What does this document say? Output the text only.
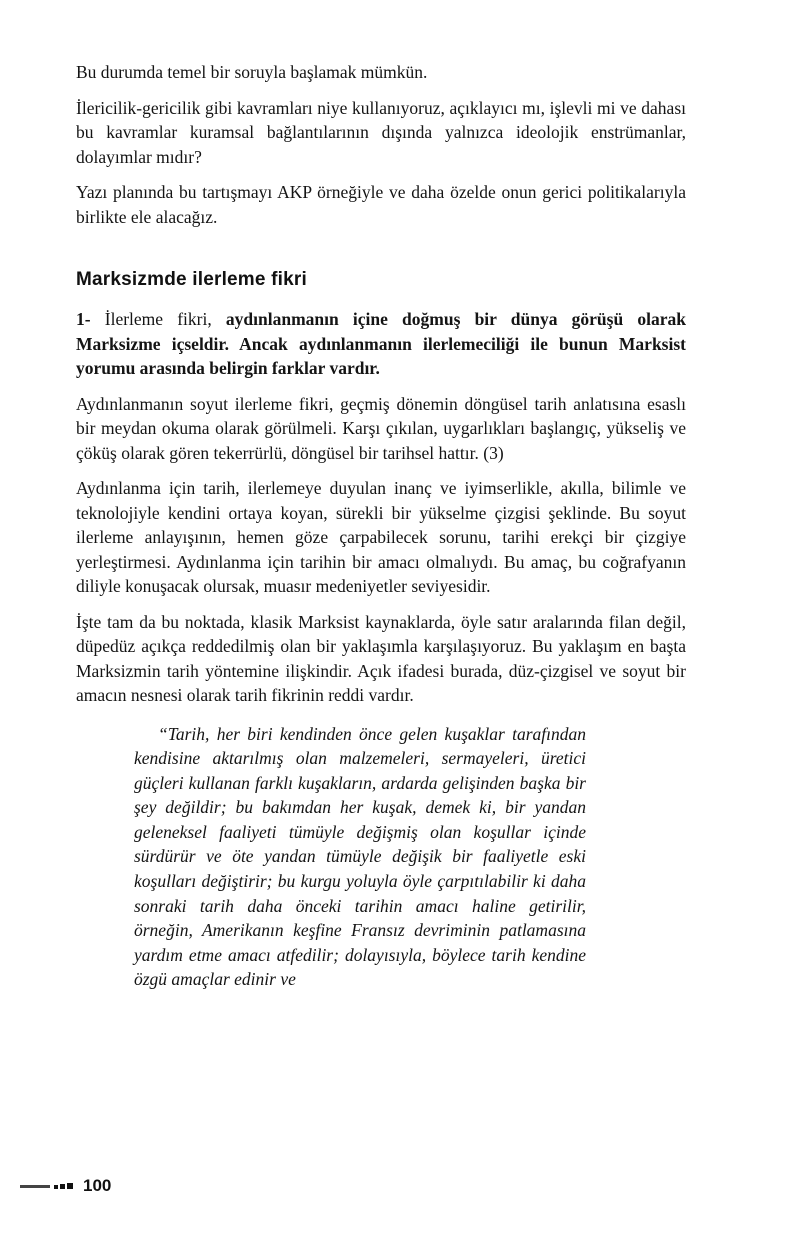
Bu durumda temel bir soruyla başlamak mümkün.

İlericilik-gericilik gibi kavramları niye kullanıyoruz, açıklayıcı mı, işlevli mi ve dahası bu kavramlar kuramsal bağlantılarının dışında yalnızca ideolojik enstrümanlar, dolayımlar mıdır?

Yazı planında bu tartışmayı AKP örneğiyle ve daha özelde onun gerici politikalarıyla birlikte ele alacağız.

Marksizmde ilerleme fikri

1- İlerleme fikri, aydınlanmanın içine doğmuş bir dünya görüşü olarak Marksizme içseldir. Ancak aydınlanmanın ilerlemeciliği ile bunun Marksist yorumu arasında belirgin farklar vardır.

Aydınlanmanın soyut ilerleme fikri, geçmiş dönemin döngüsel tarih anlatısına esaslı bir meydan okuma olarak görülmeli. Karşı çıkılan, uygarlıkları başlangıç, yükseliş ve çöküş olarak gören tekerrürlü, döngüsel bir tarihsel hattır. (3)

Aydınlanma için tarih, ilerlemeye duyulan inanç ve iyimserlikle, akılla, bilimle ve teknolojiyle kendini ortaya koyan, sürekli bir yükselme çizgisi şeklinde. Bu soyut ilerleme anlayışının, hemen göze çarpabilecek sorunu, tarihi erekçi bir çizgiye yerleştirmesi. Aydınlanma için tarihin bir amacı olmalıydı. Bu amaç, bu coğrafyanın diliyle konuşacak olursak, muasır medeniyetler seviyesidir.

İşte tam da bu noktada, klasik Marksist kaynaklarda, öyle satır aralarında filan değil, düpedüz açıkça reddedilmiş olan bir yaklaşımla karşılaşıyoruz. Bu yaklaşım en başta Marksizmin tarih yöntemine ilişkindir. Açık ifadesi burada, düz-çizgisel ve soyut bir amacın nesnesi olarak tarih fikrinin reddi vardır.

“Tarih, her biri kendinden önce gelen kuşaklar tarafından kendisine aktarılmış olan malzemeleri, sermayeleri, üretici güçleri kullanan farklı kuşakların, ardarda gelişinden başka bir şey değildir; bu bakımdan her kuşak, demek ki, bir yandan geleneksel faaliyeti tümüyle değişmiş olan koşullar içinde sürdürür ve öte yandan tümüyle değişik bir faaliyetle eski koşulları değiştirir; bu kurgu yoluyla öyle çarpıtılabilir ki daha sonraki tarih daha önceki tarihin amacı haline getirilir, örneğin, Amerikanın keşfine Fransız devriminin patlamasına yardım etme amacı atfedilir; dolayısıyla, böylece tarih kendine özgü amaçlar edinir ve
100
